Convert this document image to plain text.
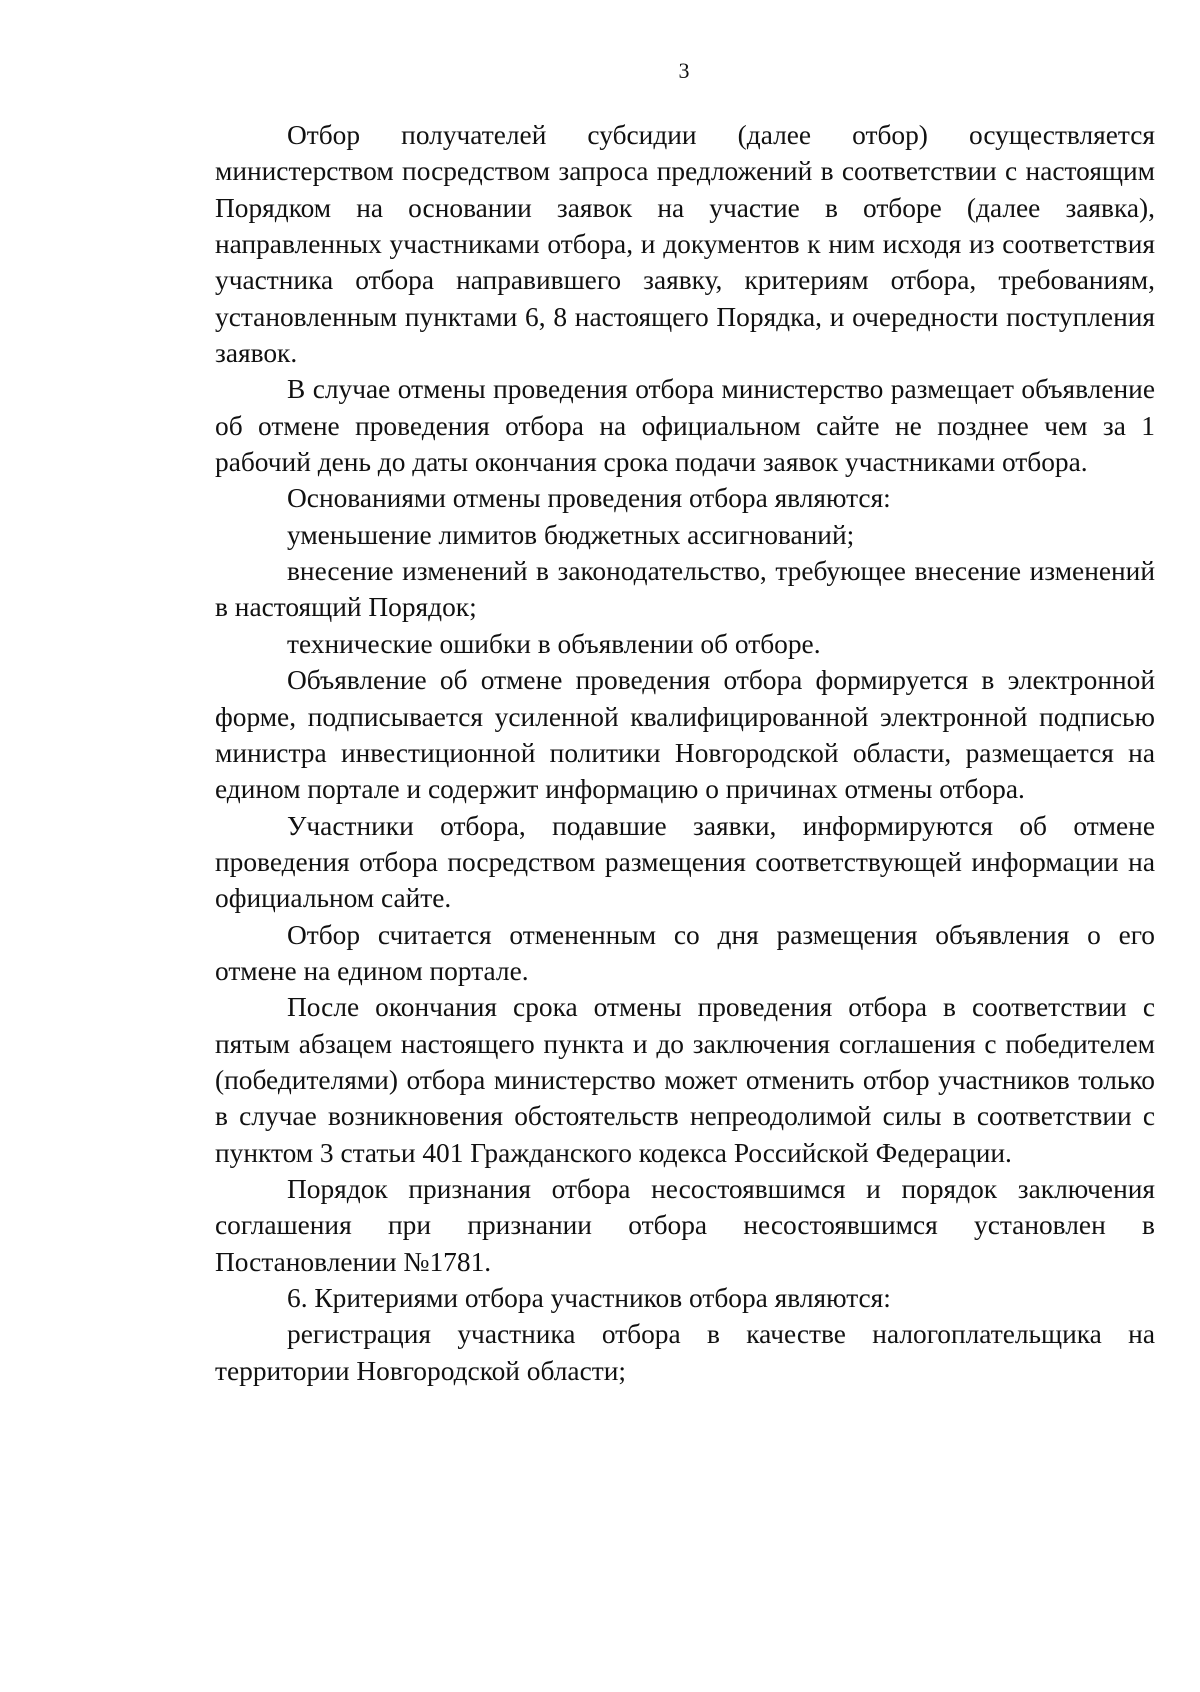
3

Отбор получателей субсидии (далее отбор) осуществляется министерством посредством запроса предложений в соответствии с настоящим Порядком на основании заявок на участие в отборе (далее заявка), направленных участниками отбора, и документов к ним исходя из соответствия участника отбора направившего заявку, критериям отбора, требованиям, установленным пунктами 6, 8 настоящего Порядка, и очередности поступления заявок.

В случае отмены проведения отбора министерство размещает объявление об отмене проведения отбора на официальном сайте не позднее чем за 1 рабочий день до даты окончания срока подачи заявок участниками отбора.

Основаниями отмены проведения отбора являются:

уменьшение лимитов бюджетных ассигнований;

внесение изменений в законодательство, требующее внесение изменений в настоящий Порядок;

технические ошибки в объявлении об отборе.

Объявление об отмене проведения отбора формируется в электронной форме, подписывается усиленной квалифицированной электронной подписью министра инвестиционной политики Новгородской области, размещается на едином портале и содержит информацию о причинах отмены отбора.

Участники отбора, подавшие заявки, информируются об отмене проведения отбора посредством размещения соответствующей информации на официальном сайте.

Отбор считается отмененным со дня размещения объявления о его отмене на едином портале.

После окончания срока отмены проведения отбора в соответствии с пятым абзацем настоящего пункта и до заключения соглашения с победителем (победителями) отбора министерство может отменить отбор участников только в случае возникновения обстоятельств непреодолимой силы в соответствии с пунктом 3 статьи 401 Гражданского кодекса Российской Федерации.

Порядок признания отбора несостоявшимся и порядок заключения соглашения при признании отбора несостоявшимся установлен в Постановлении №1781.

6. Критериями отбора участников отбора являются:

регистрация участника отбора в качестве налогоплательщика на территории Новгородской области;
